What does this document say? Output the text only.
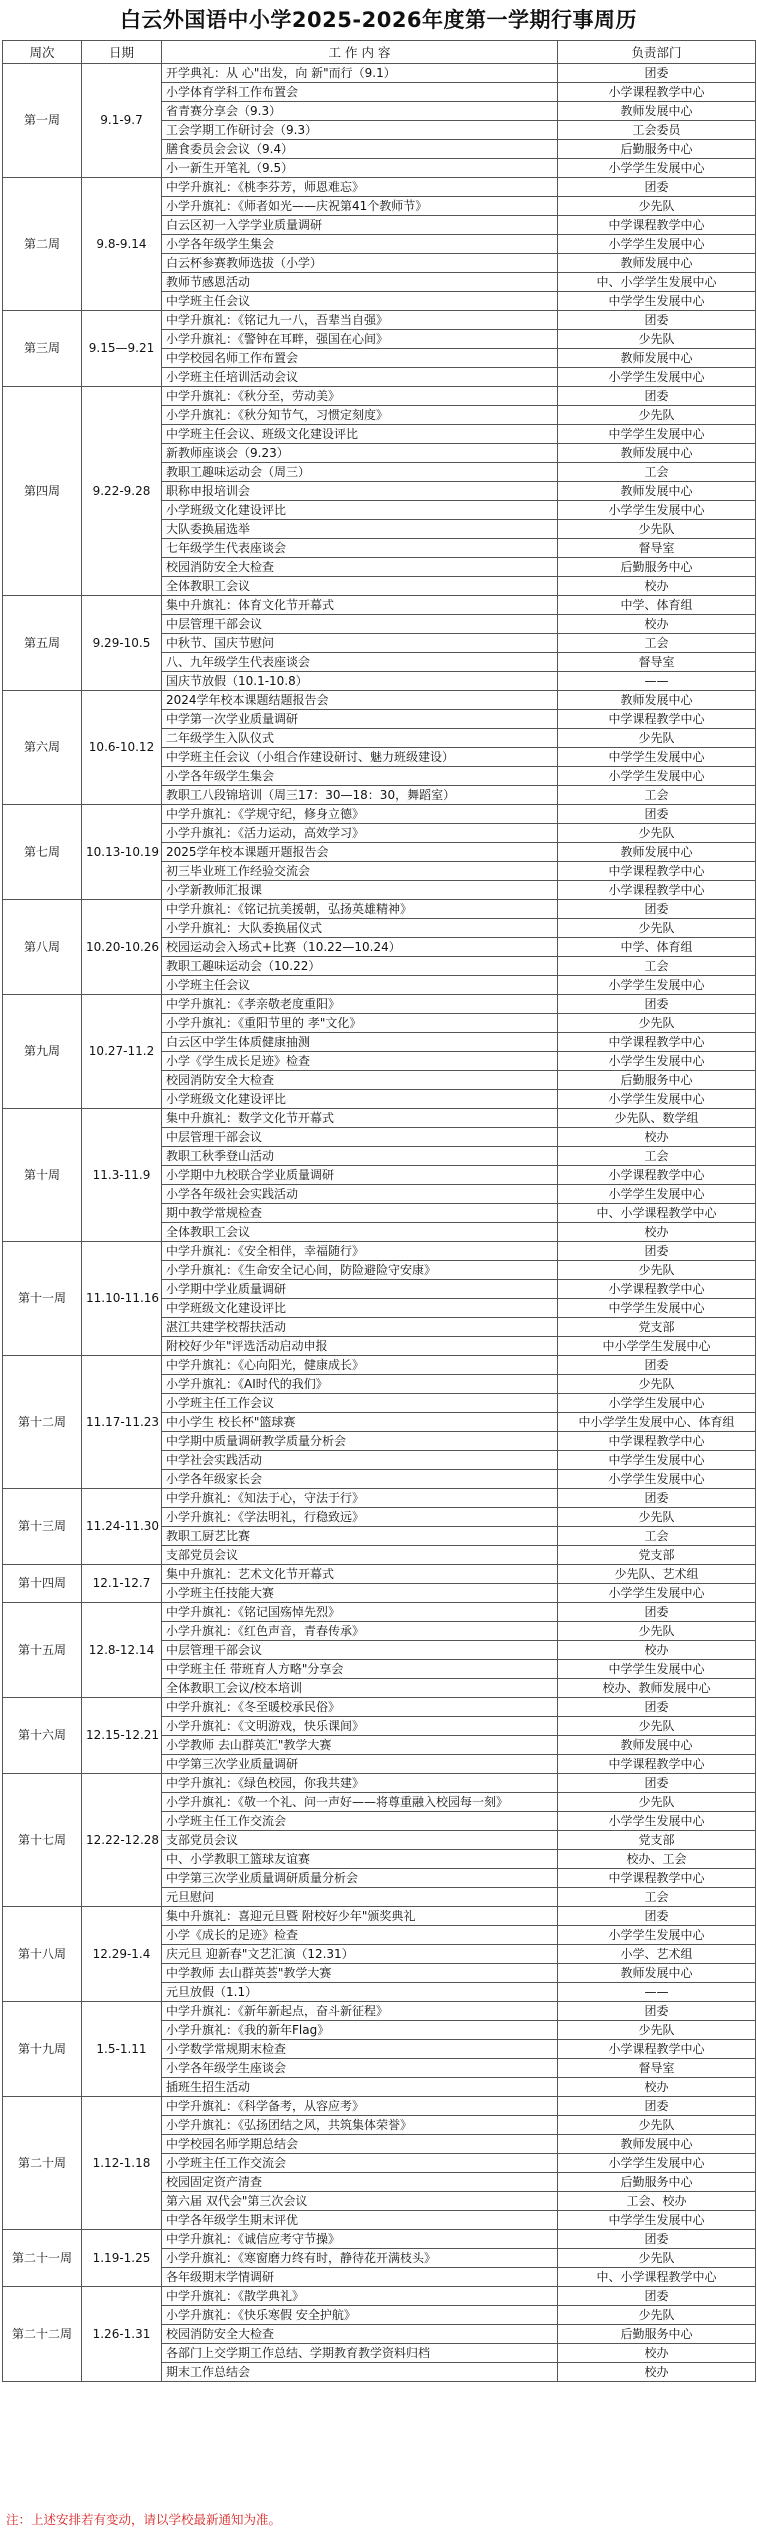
白云外国语中小学2025-2026年度第一学期行事周历
周次	日期	工 作 内 容	负责部门
第一周	9.1-9.7	开学典礼：从 心"出发，向 新"而行（9.1）	团委
		小学体育学科工作布置会	小学课程教学中心
		省青赛分享会（9.3）	教师发展中心
		工会学期工作研讨会（9.3）	工会委员
		膳食委员会会议（9.4）	后勤服务中心
		小一新生开笔礼（9.5）	小学学生发展中心
第二周	9.8-9.14	中学升旗礼：《桃李芬芳，师恩难忘》	团委
		小学升旗礼：《师者如光——庆祝第41个教师节》	少先队
		白云区初一入学学业质量调研	中学课程教学中心
		小学各年级学生集会	小学学生发展中心
		白云杯参赛教师选拔（小学）	教师发展中心
		教师节感恩活动	中、小学学生发展中心
		中学班主任会议	中学学生发展中心
第三周	9.15—9.21	中学升旗礼：《铭记九一八，吾辈当自强》	团委
		小学升旗礼：《警钟在耳畔，强国在心间》	少先队
		中学校园名师工作布置会	教师发展中心
		小学班主任培训活动会议	小学学生发展中心
第四周	9.22-9.28	中学升旗礼：《秋分至，劳动美》	团委
		小学升旗礼：《秋分知节气，习惯定刻度》	少先队
		中学班主任会议、班级文化建设评比	中学学生发展中心
		新教师座谈会（9.23）	教师发展中心
		教职工趣味运动会（周三）	工会
		职称申报培训会	教师发展中心
		小学班级文化建设评比	小学学生发展中心
		大队委换届选举	少先队
		七年级学生代表座谈会	督导室
		校园消防安全大检查	后勤服务中心
		全体教职工会议	校办
第五周	9.29-10.5	集中升旗礼：体育文化节开幕式	中学、体育组
		中层管理干部会议	校办
		中秋节、国庆节慰问	工会
		八、九年级学生代表座谈会	督导室
		国庆节放假（10.1-10.8）	——
第六周	10.6-10.12	2024学年校本课题结题报告会	教师发展中心
		中学第一次学业质量调研	中学课程教学中心
		二年级学生入队仪式	少先队
		中学班主任会议（小组合作建设研讨、魅力班级建设）	中学学生发展中心
		小学各年级学生集会	小学学生发展中心
		教职工八段锦培训（周三17：30—18：30，舞蹈室）	工会
第七周	10.13-10.19	中学升旗礼：《学规守纪，修身立德》	团委
		小学升旗礼：《活力运动，高效学习》	少先队
		2025学年校本课题开题报告会	教师发展中心
		初三毕业班工作经验交流会	中学课程教学中心
		小学新教师汇报课	小学课程教学中心
第八周	10.20-10.26	中学升旗礼：《铭记抗美援朝，弘扬英雄精神》	团委
		小学升旗礼：大队委换届仪式	少先队
		校园运动会入场式+比赛（10.22—10.24）	中学、体育组
		教职工趣味运动会（10.22）	工会
		小学班主任会议	小学学生发展中心
第九周	10.27-11.2	中学升旗礼：《孝亲敬老度重阳》	团委
		小学升旗礼：《重阳节里的 孝"文化》	少先队
		白云区中学生体质健康抽测	中学课程教学中心
		小学《学生成长足迹》检查	小学学生发展中心
		校园消防安全大检查	后勤服务中心
		小学班级文化建设评比	小学学生发展中心
第十周	11.3-11.9	集中升旗礼：数学文化节开幕式	少先队、数学组
		中层管理干部会议	校办
		教职工秋季登山活动	工会
		小学期中九校联合学业质量调研	小学课程教学中心
		小学各年级社会实践活动	小学学生发展中心
		期中教学常规检查	中、小学课程教学中心
		全体教职工会议	校办
第十一周	11.10-11.16	中学升旗礼：《安全相伴，幸福随行》	团委
		小学升旗礼：《生命安全记心间，防险避险守安康》	少先队
		小学期中学业质量调研	小学课程教学中心
		中学班级文化建设评比	中学学生发展中心
		湛江共建学校帮扶活动	党支部
		附校好少年"评选活动启动申报	中小学学生发展中心
第十二周	11.17-11.23	中学升旗礼：《心向阳光，健康成长》	团委
		小学升旗礼：《AI时代的我们》	少先队
		小学班主任工作会议	小学学生发展中心
		中小学生 校长杯"篮球赛	中小学学生发展中心、体育组
		中学期中质量调研教学质量分析会	中学课程教学中心
		中学社会实践活动	中学学生发展中心
		小学各年级家长会	小学学生发展中心
第十三周	11.24-11.30	中学升旗礼：《知法于心，守法于行》	团委
		小学升旗礼：《学法明礼，行稳致远》	少先队
		教职工厨艺比赛	工会
		支部党员会议	党支部
第十四周	12.1-12.7	集中升旗礼：艺术文化节开幕式	少先队、艺术组
		小学班主任技能大赛	小学学生发展中心
第十五周	12.8-12.14	中学升旗礼：《铭记国殇悼先烈》	团委
		小学升旗礼：《红色声音，青春传承》	少先队
		中层管理干部会议	校办
		中学班主任 带班育人方略"分享会	中学学生发展中心
		全体教职工会议/校本培训	校办、教师发展中心
第十六周	12.15-12.21	中学升旗礼：《冬至暖校承民俗》	团委
		小学升旗礼：《文明游戏，快乐课间》	少先队
		小学教师 去山群英汇"教学大赛	教师发展中心
		中学第三次学业质量调研	中学课程教学中心
第十七周	12.22-12.28	中学升旗礼：《绿色校园，你我共建》	团委
		小学升旗礼：《敬一个礼、问一声好——将尊重融入校园每一刻》	少先队
		小学班主任工作交流会	小学学生发展中心
		支部党员会议	党支部
		中、小学教职工篮球友谊赛	校办、工会
		中学第三次学业质量调研质量分析会	中学课程教学中心
		元旦慰问	工会
第十八周	12.29-1.4	集中升旗礼：喜迎元旦暨 附校好少年"颁奖典礼	团委
		小学《成长的足迹》检查	小学学生发展中心
		庆元旦 迎新春"文艺汇演（12.31）	小学、艺术组
		中学教师 去山群英荟"教学大赛	教师发展中心
		元旦放假（1.1）	——
第十九周	1.5-1.11	中学升旗礼：《新年新起点，奋斗新征程》	团委
		小学升旗礼：《我的新年Flag》	少先队
		小学数学常规期末检查	小学课程教学中心
		小学各年级学生座谈会	督导室
		插班生招生活动	校办
第二十周	1.12-1.18	中学升旗礼：《科学备考，从容应考》	团委
		小学升旗礼：《弘扬团结之风，共筑集体荣誉》	少先队
		中学校园名师学期总结会	教师发展中心
		小学班主任工作交流会	小学学生发展中心
		校园固定资产清查	后勤服务中心
		第六届 双代会"第三次会议	工会、校办
		中学各年级学生期末评优	中学学生发展中心
第二十一周	1.19-1.25	中学升旗礼：《诚信应考守节操》	团委
		小学升旗礼：《寒窗磨力终有时，静待花开满枝头》	少先队
		各年级期末学情调研	中、小学课程教学中心
第二十二周	1.26-1.31	中学升旗礼：《散学典礼》	团委
		小学升旗礼：《快乐寒假 安全护航》	少先队
		校园消防安全大检查	后勤服务中心
		各部门上交学期工作总结、学期教育教学资料归档	校办
		期末工作总结会	校办
注：上述安排若有变动，请以学校最新通知为准。
